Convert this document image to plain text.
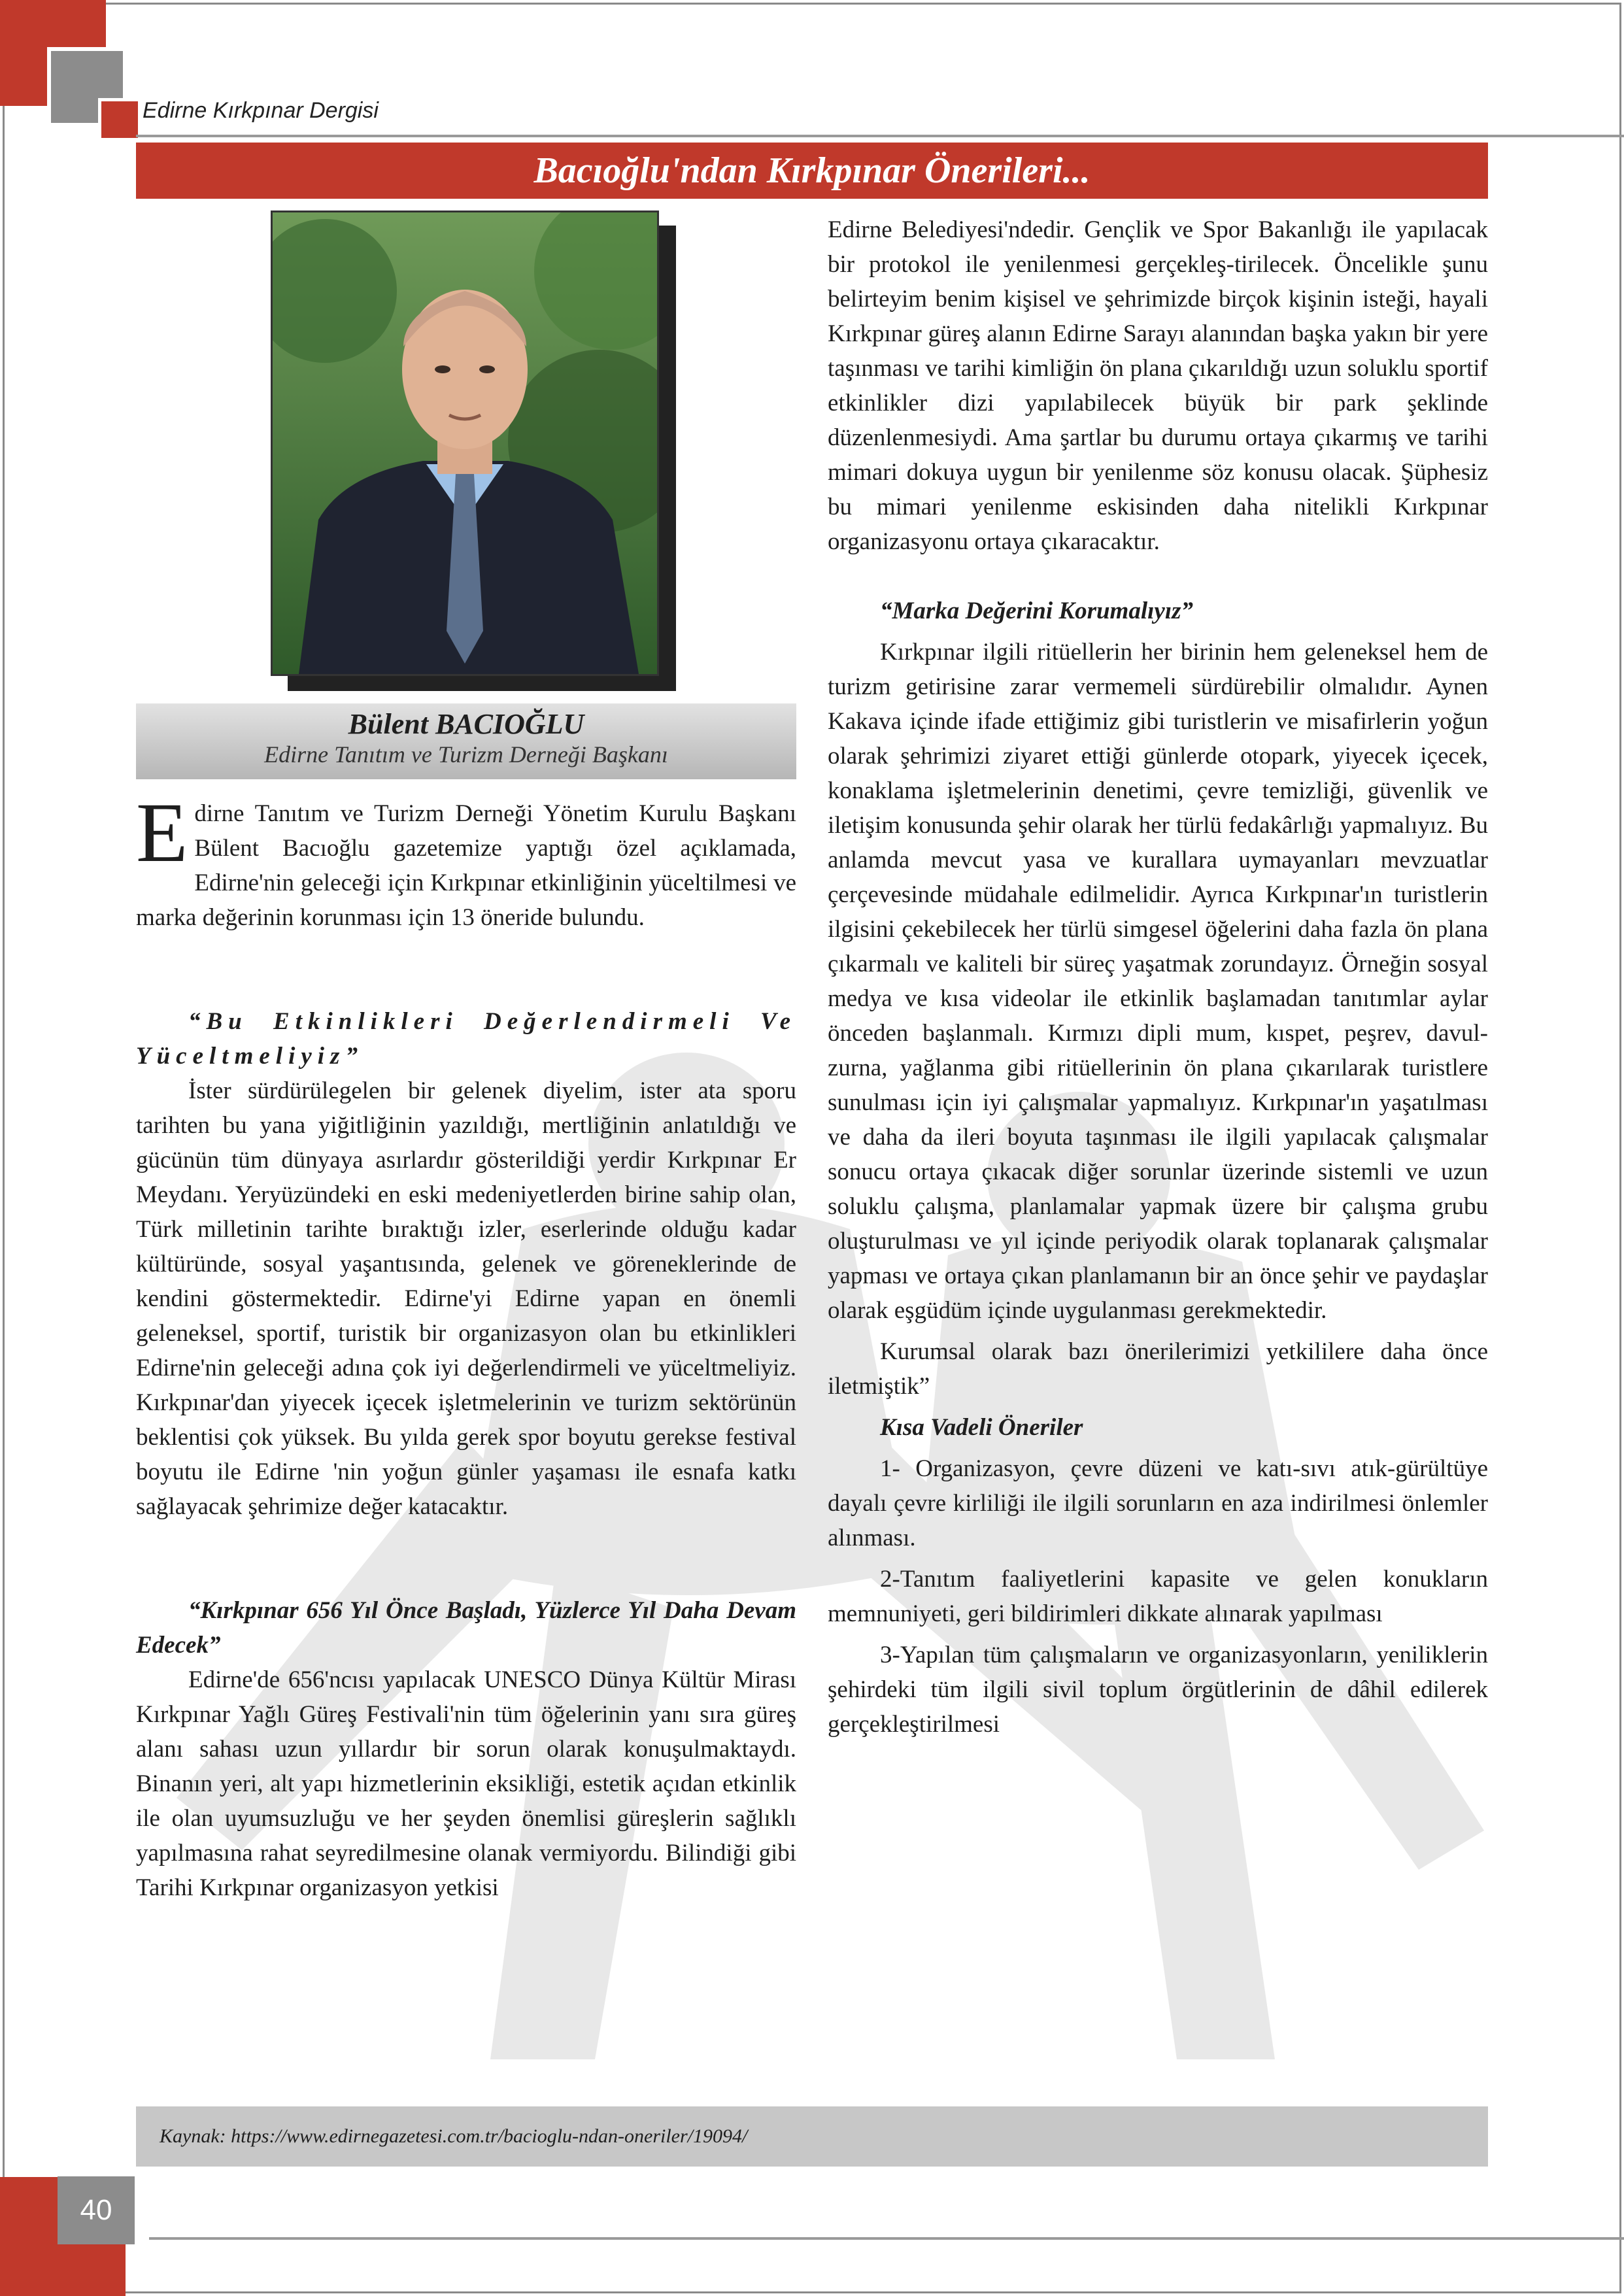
Edirne Kırkpınar Dergisi
Bacıoğlu'ndan Kırkpınar Önerileri...
Bülent BACIOĞLU
Edirne Tanıtım ve Turizm Derneği Başkanı

Edirne Tanıtım ve Turizm Derneği Yönetim Kurulu Başkanı Bülent Bacıoğlu gazetemize yaptığı özel açıklamada, Edirne'nin geleceği için Kırkpınar etkinliğinin yüceltilmesi ve marka değerinin korunması için 13 öneride bulundu.

“Bu Etkinlikleri Değerlendirmeli Ve Yüceltmeliyiz”

İster sürdürülegelen bir gelenek diyelim, ister ata sporu tarihten bu yana yiğitliğinin yazıldığı, mertliğinin anlatıldığı ve gücünün tüm dünyaya asırlardır gösterildiği yerdir Kırkpınar Er Meydanı. Yeryüzündeki en eski medeniyetlerden birine sahip olan, Türk milletinin tarihte bıraktığı izler, eserlerinde olduğu kadar kültüründe, sosyal yaşantısında, gelenek ve göreneklerinde de kendini göstermektedir. Edirne'yi Edirne yapan en önemli geleneksel, sportif, turistik bir organizasyon olan bu etkinlikleri Edirne'nin geleceği adına çok iyi değerlendirmeli ve yüceltmeliyiz. Kırkpınar'dan yiyecek içecek işletmelerinin ve turizm sektörünün beklentisi çok yüksek. Bu yılda gerek spor boyutu gerekse festival boyutu ile Edirne 'nin yoğun günler yaşaması ile esnafa katkı sağlayacak şehrimize değer katacaktır.

“Kırkpınar 656 Yıl Önce Başladı, Yüzlerce Yıl Daha Devam Edecek”

Edirne'de 656'ncısı yapılacak UNESCO Dünya Kültür Mirası Kırkpınar Yağlı Güreş Festivali'nin tüm öğelerinin yanı sıra güreş alanı sahası uzun yıllardır bir sorun olarak konuşulmaktaydı. Binanın yeri, alt yapı hizmetlerinin eksikliği, estetik açıdan etkinlik ile olan uyumsuzluğu ve her şeyden önemlisi güreşlerin sağlıklı yapılmasına rahat seyredilmesine olanak vermiyordu. Bilindiği gibi Tarihi Kırkpınar organizasyon yetkisi

Edirne Belediyesi'ndedir. Gençlik ve Spor Bakanlığı ile yapılacak bir protokol ile yenilenmesi gerçekleş-tirilecek. Öncelikle şunu belirteyim benim kişisel ve şehrimizde birçok kişinin isteği, hayali Kırkpınar güreş alanın Edirne Sarayı alanından başka yakın bir yere taşınması ve tarihi kimliğin ön plana çıkarıldığı uzun soluklu sportif etkinlikler dizi yapılabilecek büyük bir park şeklinde düzenlenmesiydi. Ama şartlar bu durumu ortaya çıkarmış ve tarihi mimari dokuya uygun bir yenilenme söz konusu olacak. Şüphesiz bu mimari yenilenme eskisinden daha nitelikli Kırkpınar organizasyonu ortaya çıkaracaktır.

“Marka Değerini Korumalıyız”

Kırkpınar ilgili ritüellerin her birinin hem geleneksel hem de turizm getirisine zarar vermemeli sürdürebilir olmalıdır. Aynen Kakava içinde ifade ettiğimiz gibi turistlerin ve misafirlerin yoğun olarak şehrimizi ziyaret ettiği günlerde otopark, yiyecek içecek, konaklama işletmelerinin denetimi, çevre temizliği, güvenlik ve iletişim konusunda şehir olarak her türlü fedakârlığı yapmalıyız. Bu anlamda mevcut yasa ve kurallara uymayanları mevzuatlar çerçevesinde müdahale edilmelidir. Ayrıca Kırkpınar'ın turistlerin ilgisini çekebilecek her türlü simgesel öğelerini daha fazla ön plana çıkarmalı ve kaliteli bir süreç yaşatmak zorundayız. Örneğin sosyal medya ve kısa videolar ile etkinlik başlamadan tanıtımlar aylar önceden başlanmalı. Kırmızı dipli mum, kıspet, peşrev, davul-zurna, yağlanma gibi ritüellerinin ön plana çıkarılarak turistlere sunulması için iyi çalışmalar yapmalıyız. Kırkpınar'ın yaşatılması ve daha da ileri boyuta taşınması ile ilgili yapılacak çalışmalar sonucu ortaya çıkacak diğer sorunlar üzerinde sistemli ve uzun soluklu çalışma, planlamalar yapmak üzere bir çalışma grubu oluşturulması ve yıl içinde periyodik olarak toplanarak çalışmalar yapması ve ortaya çıkan planlamanın bir an önce şehir ve paydaşlar olarak eşgüdüm içinde uygulanması gerekmektedir.

Kurumsal olarak bazı önerilerimizi yetkililere daha önce iletmiştik”

Kısa Vadeli Öneriler

1- Organizasyon, çevre düzeni ve katı-sıvı atık-gürültüye dayalı çevre kirliliği ile ilgili sorunların en aza indirilmesi önlemler alınması.

2-Tanıtım faaliyetlerini kapasite ve gelen konukların memnuniyeti, geri bildirimleri dikkate alınarak yapılması

3-Yapılan tüm çalışmaların ve organizasyonların, yeniliklerin şehirdeki tüm ilgili sivil toplum örgütlerinin de dâhil edilerek gerçekleştirilmesi

Kaynak: https://www.edirnegazetesi.com.tr/bacioglu-ndan-oneriler/19094/
40
